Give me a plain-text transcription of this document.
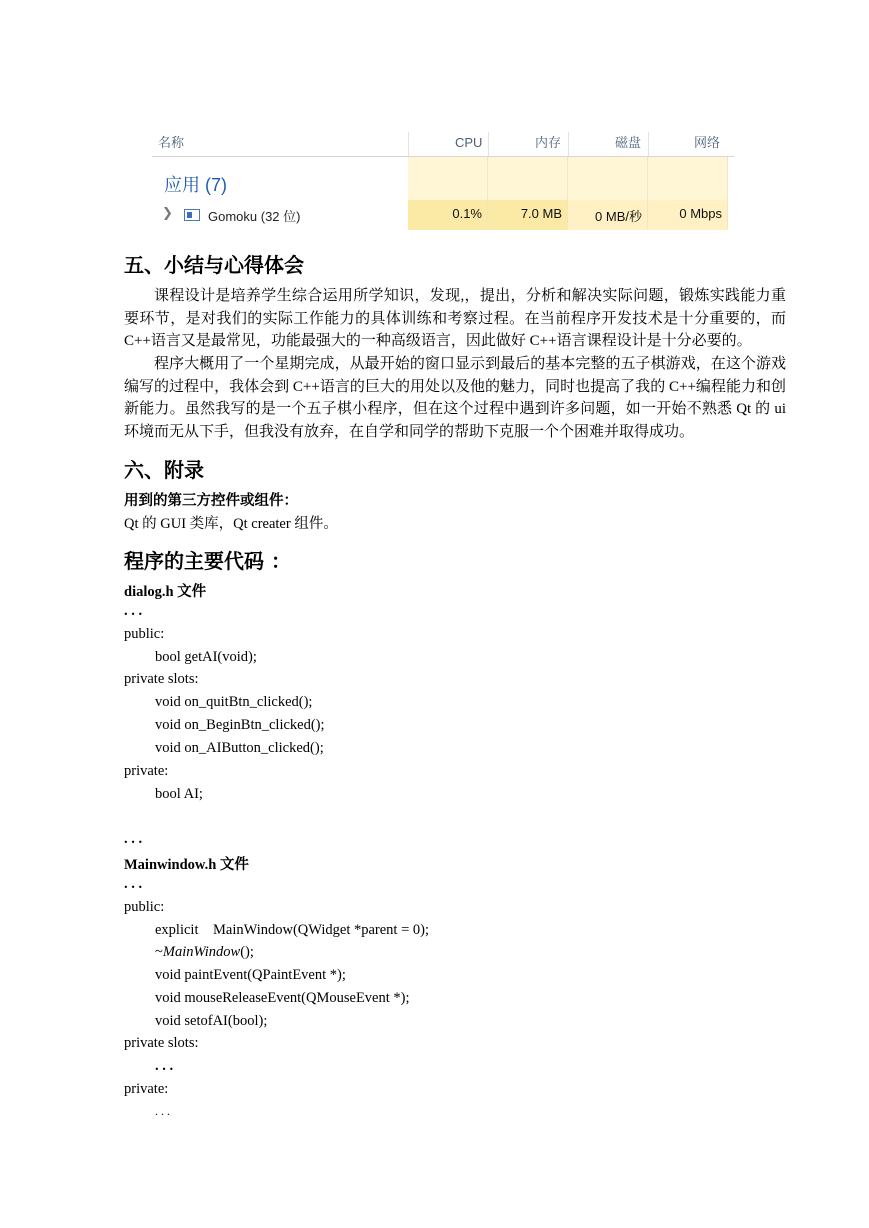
名称	CPU	内存	磁盘	网络
应用 (7)
❯	Gomoku (32 位)	0.1%	7.0 MB	0 MB/秒	0 Mbps
五、小结与心得体会
课程设计是培养学生综合运用所学知识，发现,，提出，分析和解决实际问题，锻炼实践能力重要环节，是对我们的实际工作能力的具体训练和考察过程。在当前程序开发技术是十分重要的，而C++语言又是最常见，功能最强大的一种高级语言，因此做好 C++语言课程设计是十分必要的。
程序大概用了一个星期完成，从最开始的窗口显示到最后的基本完整的五子棋游戏，在这个游戏编写的过程中，我体会到 C++语言的巨大的用处以及他的魅力，同时也提高了我的 C++编程能力和创新能力。虽然我写的是一个五子棋小程序，但在这个过程中遇到许多问题，如一开始不熟悉 Qt 的 ui 环境而无从下手，但我没有放弃，在自学和同学的帮助下克服一个个困难并取得成功。
六、附录
用到的第三方控件或组件：
Qt 的 GUI 类库，Qt creater 组件。
程序的主要代码 ：
dialog.h 文件
. . .
public:
bool getAI(void);
private slots:
void on_quitBtn_clicked();
void on_BeginBtn_clicked();
void on_AIButton_clicked();
private:
bool AI;
. . .
Mainwindow.h 文件
. . .
public:
explicit    MainWindow(QWidget *parent = 0);
~MainWindow();
void paintEvent(QPaintEvent *);
void mouseReleaseEvent(QMouseEvent *);
void setofAI(bool);
private slots:
. . .
private:
. . .
